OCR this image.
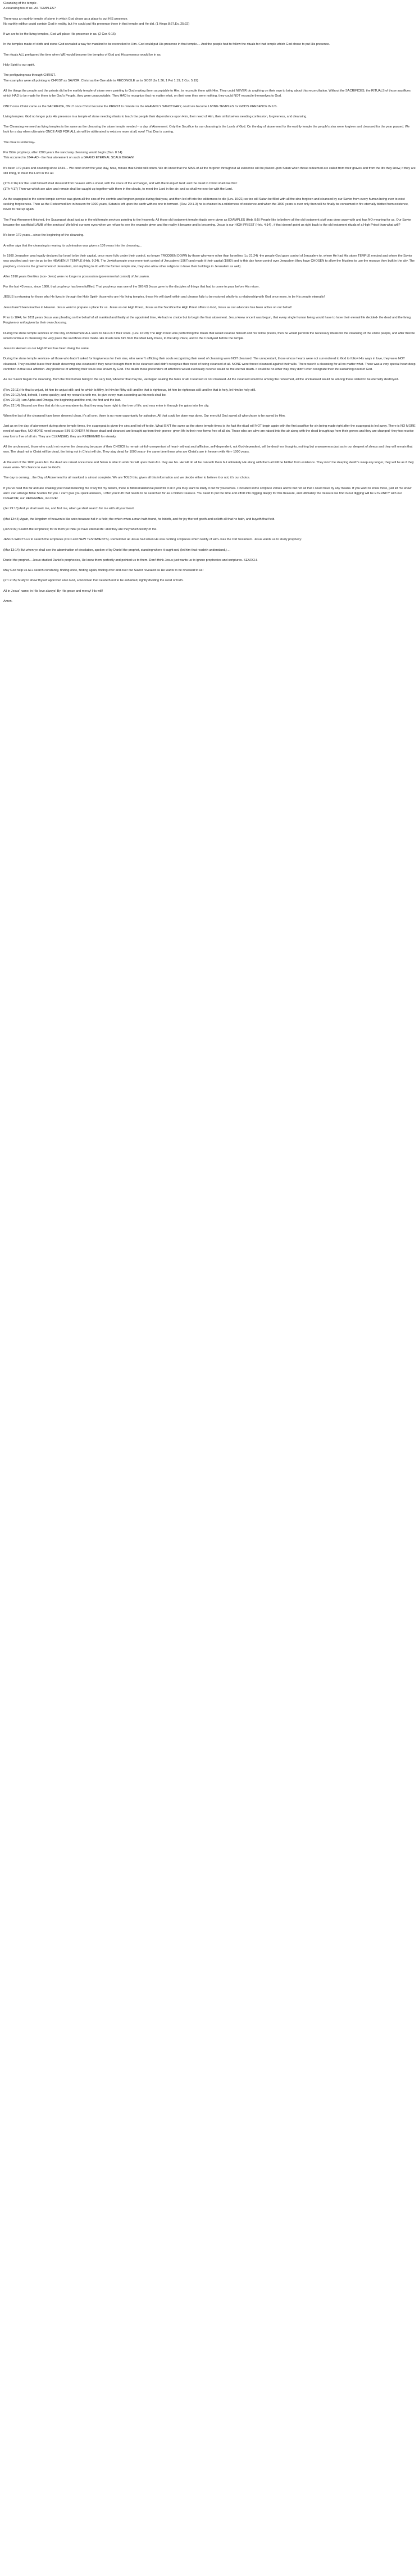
Cleansing of the temple -
A cleansing too of us -AS TEMPLES?

There was an earthly temple of stone in which God chose as a place to put HIS presence.
No earthly edifice could contain God in reality, but He could put His presence there in that temple and He did. (1 Kings 8:27,Ex. 25:22)

If we are to be the living temples, God will place His presence in us. (2 Cor. 6:16)

In the temples made of cloth and stone God revealed a way for mankind to be reconciled to Him. God could put His presence in that temple.... And the people had to follow the rituals for that temple which God chose to put His presence.

The rituals ALL prefigured the time when WE would become the temples of God and His presence would be in us.

Holy Spirit to our spirit.

The prefiguring was through CHRIST.
The examples were all pointing to CHRIST as SAVIOR. Christ as the One able to RECONCILE us to GOD! (Jn 1:36; 1 Pet 1:19; 2 Cor. 5:19)

All the things the people and the priests did in the earthly temple of stone were pointing to God making them acceptable to Him, to reconcile them with Him. They could NEVER do anything on their own to bring about this reconciliation. Without the SACRIFICES, the RITUALS of those sacrifices which HAD to be made for them to be God's People, they were unacceptable. They HAD to recognize that no matter what, on their own they were nothing, they could NOT reconcile themselves to God.

ONLY once Christ came as the SACRIFICE, ONLY once Christ became the PRIEST to minister in the HEAVENLY SANCTUARY, could we become LIVING TEMPLES for GOD'S PRESENCE IN US.

Living temples. God no longer puts His presence in a temple of stone needing rituals to teach the people their dependence upon Him, their need of Him, their sinful selves needing confession, forgiveness, and cleansing.

The Cleansing we need as living temples is the same as the cleansing the stone temple needed -- a day of Atonement. Only the Sacrifice for our cleansing is the Lamb of God. On the day of atonement for the earthly temple the people's sins were forgiven and cleansed for the year passed. We look for a day when ultimately ONCE AND FOR ALL sin will be obliterated to exist no more at all, ever! That Day is coming.

The ritual is underway-

Per Bible prophecy, after 2300 years the sanctuary cleansing would begin (Dan. 8:14)
This occurred in 1844 AD - the final atonement on such a GRAND ETERNAL SCALE BEGAN!

It's been 179 years and counting since 1844.... We don't know the year, day, hour, minute that Christ will return. We do know that the SINS of all the forgiven throughout all existence will be placed upon Satan when those redeemed are called from their graves and from the life they know, if they are still living, to meet the Lord in the air.

(1Th 4:16) For the Lord himself shall descend from heaven with a shout, with the voice of the archangel, and with the trump of God: and the dead in Christ shall rise first:
(1Th 4:17) Then we which are alive and remain shall be caught up together with them in the clouds, to meet the Lord in the air: and so shall we ever be with the Lord.

As the scapegoat in the stone temple service was given all the sins of the contrite and forgiven people during that year, and then led off into the wilderness to die (Lev. 16:21) so too will Satan be filled with all the sins forgiven and cleansed by our Savior from every human being ever to exist seeking forgiveness. Then as the Redeemed live in heaven for 1000 years, Satan is left upon the earth with no one to torment- (Rev. 20:1-3) he is chained in a wilderness of existence and when the 1000 years is over only then will he finally be consumed in fire eternally blotted from existence, never to rise up again.

The Final Atonement finished, the Scapegoat dead just as in the old temple services pointing to the heavenly. All those old testament temple rituals were given as EXAMPLES (Heb. 8:5) People like to believe all the old testament stuff was done away with and has NO meaning for us. Our Savior became the sacrificial LAMB of the services! We blind our own eyes when we refuse to see the example given and the reality it became and is becoming. Jesus is our HIGH PRIEST (Heb. 4:14) , if that doesn't point us right back to the old testament rituals of a High Priest than what will?

It's been 179 years... since the beginning of the cleansing.

Another sign that the cleansing is nearing its culmination was given a 136 years into the cleansing...

In 1980 Jerusalem was legally declared by Israel to be their capital, once more fully under their control, no longer TRODDEN DOWN by those who were other than Israelites (Lu 21:24) -the people God gave control of Jerusalem to, where He had His stone TEMPLE erected and where the Savior was crucified and risen to go to the HEAVENLY TEMPLE (Heb. 9:24). The Jewish people once more took control of Jerusalem (1967) and made it their capital (1980) and to this day have control over Jerusalem (they have CHOSEN to allow the Muslims to use the mosque they built in the city. The prophecy concerns the government of Jerusalem, not anything to do with the former temple site, they also allow other religions to have their buildings in Jerusalem as well).

After 1910 years Gentiles (non- Jews) were no longer in possession (governmental control) of Jerusalem.

For the last 43 years, since 1980, that prophecy has been fulfilled. That prophecy was one of the SIGNS Jesus gave to the disciples of things that had to come to pass before His return.

JESUS is returning for those who He lives in through the Holy Spirit- those who are His living temples, those He will dwell within and cleanse fully to be restored wholly to a relationship with God once more, to be His people eternally!

Jesus hasn't been inactive in Heaven. Jesus went to prepare a place for us. Jesus as our High Priest, Jesus as the Sacrifice the High Priest offers to God, Jesus as our advocate has been active on our behalf.

Prior to 1844, for 1811 years Jesus was pleading on the behalf of all mankind and finally at the appointed time, He had no choice but to begin the final atonement. Jesus knew once it was begun, that every single human being would have to have their eternal life decided- the dead and the living. Forgiven or unforgiven by their own choosing.

During the stone temple services on the Day of Atonement ALL were to AFFLICT their souls. (Lev. 16:29) The High Priest was performing the rituals that would cleanse himself and his fellow priests, then he would perform the necessary rituals for the cleansing of the entire people, and after that he would continue in cleansing the very place the sacrifices were made. His rituals took him from the Most Holy Place, to the Holy Place, and to the Courtyard before the temple.

Jesus in Heaven as our High Priest has been doing the same.

During the stone temple services- all those who hadn't asked for forgiveness for their sins, who weren't afflicting their souls recognizing their need of cleansing were NOT cleansed. The unrepentant, those whose hearts were not surrendered to God to follow His ways in love, they were NOT cleansed. They couldn't leave their death deserving sins cleansed if they never brought them to be cleansed and didn't recognize their need of being cleansed at all. NONE were forced cleansed against their wills. There wasn't a cleansing for all no matter what. There was a very special heart deep contrition in that soul affliction. Any pretense of afflicting their souls was known by God. The death these pretenders of afflictions would eventually receive would be the eternal death- it could be no other way, they didn't even recognize their life sustaining need of God.

As our Savior began the cleansing- from the first human being to the very last, whoever that may be, He began sealing the fates of all. Cleansed or not cleansed. All the cleansed would be among the redeemed, all the uncleansed would be among those slated to be eternally destroyed.

(Rev 22:11) He that is unjust, let him be unjust still: and he which is filthy, let him be filthy still: and he that is righteous, let him be righteous still: and he that is holy, let him be holy still.
(Rev 22:12) And, behold, I come quickly; and my reward is with me, to give every man according as his work shall be.
(Rev 22:13) I am Alpha and Omega, the beginning and the end, the first and the last.
(Rev 22:14) Blessed are they that do his commandments, that they may have right to the tree of life, and may enter in through the gates into the city.

When the last of the cleansed have been deemed clean, it's all over, there is no more opportunity for salvation. All that could be done was done. Our merciful God saved all who chose to be saved by Him.

Just as on the day of atonement during stone temple times, the scapegoat is given the sins and led off to die. What ISN'T the same as the stone temple times is the fact the ritual will NOT begin again with the first sacrifice for sin being made right after the scapegoat is led away. There is NO MORE need of sacrifice, NO MORE need because SIN IS OVER!! All those dead and cleansed are brought up from their graves- given life in their new forms free of all sin. Those who are alive are raised into the air along with the dead brought up from their graves and they are changed- they too receive new forms free of all sin. They are CLEANSED, they are REDEEMED for eternity.

All the uncleansed, those who could not receive the cleansing because of their CHOICE to remain sinful- unrepentant of heart- without soul affliction, self-dependent, not God-dependent, will be dead- no thoughts, nothing but unawareness just as in our deepest of sleeps and they will remain that way. The dead not in Christ will be dead, the living not in Christ will die. They stay dead for 1000 years- the same time those who are Christ's are in heaven with Him- 1000 years.

At the end of the 1000 years ALL the dead are raised once more and Satan is able to work his will upon them ALL they are his. He will do all he can with them but ultimately HE along with them all will be blotted from existence. They won't be sleeping death's sleep any longer, they will be as if they never were- NO chance to ever be God's.

The day is coming... the Day of Atonement for all mankind is almost complete. We are TOLD this, given all this information and we decide either to believe it or not, it's our choice.

If you've read this far and are shaking your head believing me crazy for my beliefs, there is Biblical/Historical proof for it all if you truly want to study it out for yourselves. I included some scripture verses above but not all that I could have by any means. If you want to know more, just let me know and I can arrange Bible Studies for you. I can't give you quick answers, I offer you truth that needs to be searched for as a hidden treasure. You need to put the time and effort into digging deeply for this treasure, and ultimately the treasure we find in our digging will be ETERNITY with our CREATOR, our REDEEMER, in LOVE!

(Jer 29:13) And ye shall seek me, and find me, when ye shall search for me with all your heart.

(Mat 13:44) Again, the kingdom of heaven is like unto treasure hid in a field; the which when a man hath found, he hideth, and for joy thereof goeth and selleth all that he hath, and buyeth that field.

(Joh 5:39) Search the scriptures; for in them ye think ye have eternal life: and they are they which testify of me.

JESUS WANTS us to search the scriptures (OLD and NEW TESTAMENTS). Remember all Jesus had when He was reciting scriptures which testify of Him- was the Old Testament. Jesus wants us to study prophecy:

(Mar 13:14) But when ye shall see the abomination of desolation, spoken of by Daniel the prophet, standing where it ought not, (let him that readeth understand,) ...

Daniel the prophet... Jesus studied Daniel's prophecies, He knew them perfectly and pointed us to them. Don't think Jesus just wants us to ignore prophecies and scriptures. SEARCH.

May God help us ALL search constantly, finding once, finding again, finding over and over our Savior revealed as He wants to be revealed to us!

(2Ti 2:15) Study to shew thyself approved unto God, a workman that needeth not to be ashamed, rightly dividing the word of truth.

All in Jesus' name, in His love always! By His grace and mercy! His will!

Amen.
